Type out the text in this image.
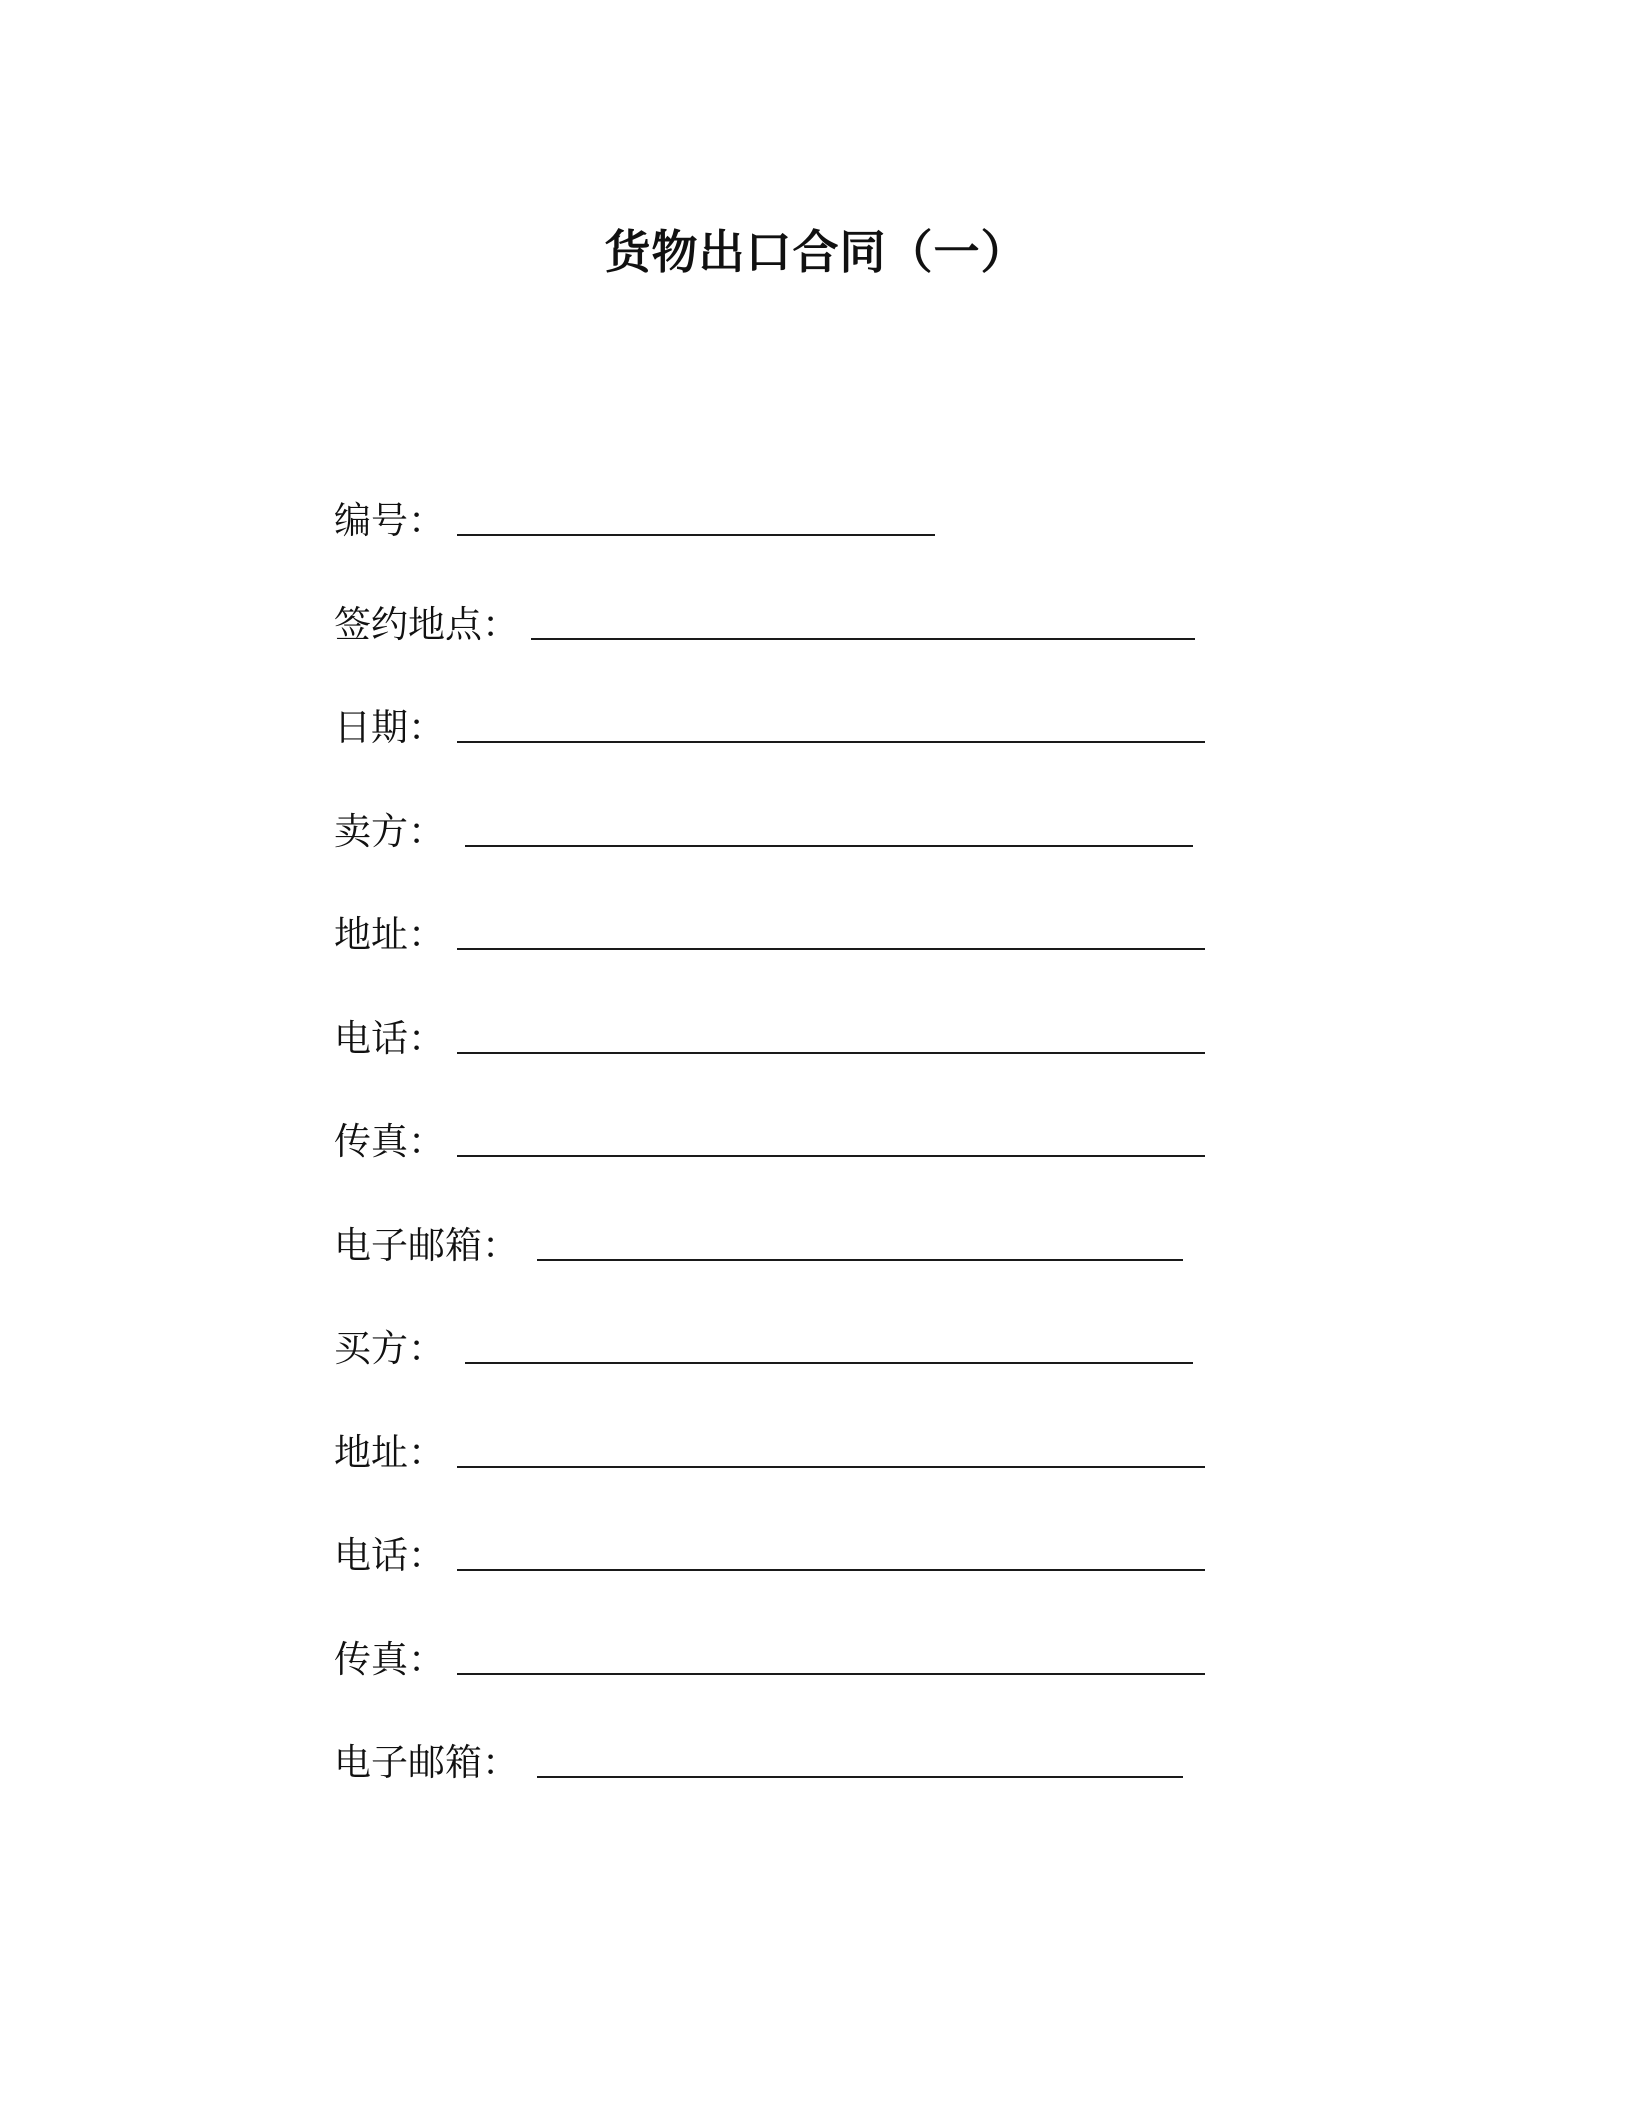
货物出口合同（一）
编号：
签约地点：
日期：
卖方：
地址：
电话：
传真：
电子邮箱：
买方：
地址：
电话：
传真：
电子邮箱：
